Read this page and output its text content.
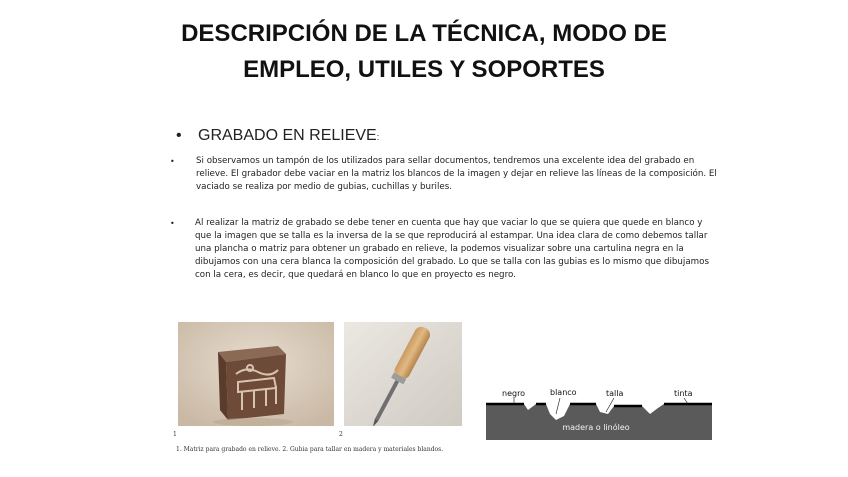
DESCRIPCIÓN DE LA TÉCNICA, MODO DE
EMPLEO, UTILES Y SOPORTES
• GRABADO EN RELIEVE:
•	Si observamos un tampón de los utilizados para sellar documentos, tendremos una excelente idea del grabado en relieve. El grabador debe vaciar en la matriz los blancos de la imagen y dejar en relieve las líneas de la composición. El vaciado se realiza por medio de gubias, cuchillas y buriles.
•	Al realizar la matriz de grabado se debe tener en cuenta que hay que vaciar lo que se quiera que quede en blanco y que la imagen que se talla es la inversa de la se que reproducirá al estampar. Una idea clara de como debemos tallar una plancha o matriz para obtener un grabado en relieve, la podemos visualizar sobre una cartulina negra en la dibujamos con una cera blanca la composición del grabado. Lo que se talla con las gubias es lo mismo que dibujamos con la cera, es decir, que quedará en blanco lo que en proyecto es negro.
1	2
1. Matriz para grabado en relieve. 2. Gubia para tallar en madera y materiales blandos.
negro	blanco	talla	tinta
madera o linóleo
